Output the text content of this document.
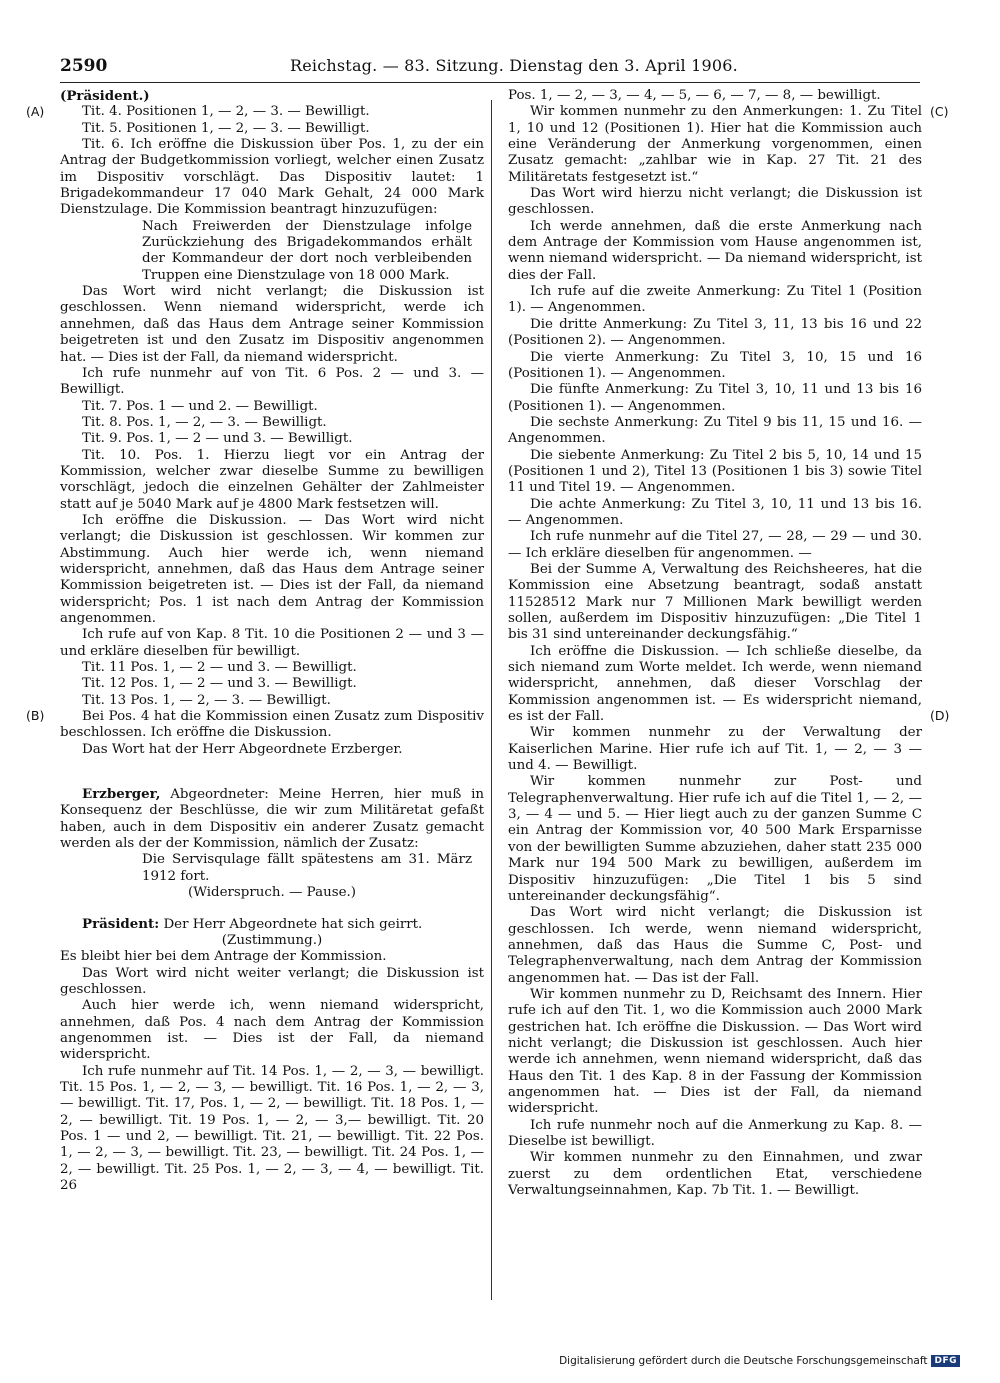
2590	Reichstag. — 83. Sitzung. Dienstag den 3. April 1906.
(A)
(B)
(C)
(D)

(Präsident.)

Tit. 4. Positionen 1, — 2, — 3. — Bewilligt.

Tit. 5. Positionen 1, — 2, — 3. — Bewilligt.

Tit. 6. Ich eröffne die Diskussion über Pos. 1, zu der ein Antrag der Budgetkommission vorliegt, welcher einen Zusatz im Dispositiv vorschlägt. Das Dispositiv lautet: 1 Brigadekommandeur 17 040 Mark Gehalt, 24 000 Mark Dienstzulage. Die Kommission beantragt hinzuzufügen:

Nach Freiwerden der Dienstzulage infolge Zurückziehung des Brigadekommandos erhält der Kommandeur der dort noch verbleibenden Truppen eine Dienstzulage von 18 000 Mark.

Das Wort wird nicht verlangt; die Diskussion ist geschlossen. Wenn niemand widerspricht, werde ich annehmen, daß das Haus dem Antrage seiner Kommission beigetreten ist und den Zusatz im Dispositiv angenommen hat. — Dies ist der Fall, da niemand widerspricht.

Ich rufe nunmehr auf von Tit. 6 Pos. 2 — und 3. — Bewilligt.

Tit. 7. Pos. 1 — und 2. — Bewilligt.

Tit. 8. Pos. 1, — 2, — 3. — Bewilligt.

Tit. 9. Pos. 1, — 2 — und 3. — Bewilligt.

Tit. 10. Pos. 1. Hierzu liegt vor ein Antrag der Kommission, welcher zwar dieselbe Summe zu bewilligen vorschlägt, jedoch die einzelnen Gehälter der Zahlmeister statt auf je 5040 Mark auf je 4800 Mark festsetzen will.

Ich eröffne die Diskussion. — Das Wort wird nicht verlangt; die Diskussion ist geschlossen. Wir kommen zur Abstimmung. Auch hier werde ich, wenn niemand widerspricht, annehmen, daß das Haus dem Antrage seiner Kommission beigetreten ist. — Dies ist der Fall, da niemand widerspricht; Pos. 1 ist nach dem Antrag der Kommission angenommen.

Ich rufe auf von Kap. 8 Tit. 10 die Positionen 2 — und 3 — und erkläre dieselben für bewilligt.

Tit. 11 Pos. 1, — 2 — und 3. — Bewilligt.

Tit. 12 Pos. 1, — 2 — und 3. — Bewilligt.

Tit. 13 Pos. 1, — 2, — 3. — Bewilligt.

Bei Pos. 4 hat die Kommission einen Zusatz zum Dispositiv beschlossen. Ich eröffne die Diskussion.

Das Wort hat der Herr Abgeordnete Erzberger.

Erzberger, Abgeordneter: Meine Herren, hier muß in Konsequenz der Beschlüsse, die wir zum Militäretat gefaßt haben, auch in dem Dispositiv ein anderer Zusatz gemacht werden als der der Kommission, nämlich der Zusatz:

Die Servisqulage fällt spätestens am 31. März 1912 fort.

(Widerspruch. — Pause.)

Präsident: Der Herr Abgeordnete hat sich geirrt.

(Zustimmung.)

Es bleibt hier bei dem Antrage der Kommission.

Das Wort wird nicht weiter verlangt; die Diskussion ist geschlossen.

Auch hier werde ich, wenn niemand widerspricht, annehmen, daß Pos. 4 nach dem Antrag der Kommission angenommen ist. — Dies ist der Fall, da niemand widerspricht.

Ich rufe nunmehr auf Tit. 14 Pos. 1, — 2, — 3, — bewilligt. Tit. 15 Pos. 1, — 2, — 3, — bewilligt. Tit. 16 Pos. 1, — 2, — 3, — bewilligt. Tit. 17, Pos. 1, — 2, — bewilligt. Tit. 18 Pos. 1, — 2, — bewilligt. Tit. 19 Pos. 1, — 2, — 3,— bewilligt. Tit. 20 Pos. 1 — und 2, — bewilligt. Tit. 21, — bewilligt. Tit. 22 Pos. 1, — 2, — 3, — bewilligt. Tit. 23, — bewilligt. Tit. 24 Pos. 1, — 2, — bewilligt. Tit. 25 Pos. 1, — 2, — 3, — 4, — bewilligt. Tit. 26

Pos. 1, — 2, — 3, — 4, — 5, — 6, — 7, — 8, — bewilligt.

Wir kommen nunmehr zu den Anmerkungen: 1. Zu Titel 1, 10 und 12 (Positionen 1). Hier hat die Kommission auch eine Veränderung der Anmerkung vorgenommen, einen Zusatz gemacht: „zahlbar wie in Kap. 27 Tit. 21 des Militäretats festgesetzt ist.“

Das Wort wird hierzu nicht verlangt; die Diskussion ist geschlossen.

Ich werde annehmen, daß die erste Anmerkung nach dem Antrage der Kommission vom Hause angenommen ist, wenn niemand widerspricht. — Da niemand widerspricht, ist dies der Fall.

Ich rufe auf die zweite Anmerkung: Zu Titel 1 (Position 1). — Angenommen.

Die dritte Anmerkung: Zu Titel 3, 11, 13 bis 16 und 22 (Positionen 2). — Angenommen.

Die vierte Anmerkung: Zu Titel 3, 10, 15 und 16 (Positionen 1). — Angenommen.

Die fünfte Anmerkung: Zu Titel 3, 10, 11 und 13 bis 16 (Positionen 1). — Angenommen.

Die sechste Anmerkung: Zu Titel 9 bis 11, 15 und 16. — Angenommen.

Die siebente Anmerkung: Zu Titel 2 bis 5, 10, 14 und 15 (Positionen 1 und 2), Titel 13 (Positionen 1 bis 3) sowie Titel 11 und Titel 19. — Angenommen.

Die achte Anmerkung: Zu Titel 3, 10, 11 und 13 bis 16. — Angenommen.

Ich rufe nunmehr auf die Titel 27, — 28, — 29 — und 30. — Ich erkläre dieselben für angenommen. —

Bei der Summe A, Verwaltung des Reichsheeres, hat die Kommission eine Absetzung beantragt, sodaß anstatt 11528512 Mark nur 7 Millionen Mark bewilligt werden sollen, außerdem im Dispositiv hinzuzufügen: „Die Titel 1 bis 31 sind untereinander deckungsfähig.“

Ich eröffne die Diskussion. — Ich schließe dieselbe, da sich niemand zum Worte meldet. Ich werde, wenn niemand widerspricht, annehmen, daß dieser Vorschlag der Kommission angenommen ist. — Es widerspricht niemand, es ist der Fall.

Wir kommen nunmehr zu der Verwaltung der Kaiserlichen Marine. Hier rufe ich auf Tit. 1, — 2, — 3 — und 4. — Bewilligt.

Wir kommen nunmehr zur Post- und Telegraphenverwaltung. Hier rufe ich auf die Titel 1, — 2, — 3, — 4 — und 5. — Hier liegt auch zu der ganzen Summe C ein Antrag der Kommission vor, 40 500 Mark Ersparnisse von der bewilligten Summe abzuziehen, daher statt 235 000 Mark nur 194 500 Mark zu bewilligen, außerdem im Dispositiv hinzuzufügen: „Die Titel 1 bis 5 sind untereinander deckungsfähig“.

Das Wort wird nicht verlangt; die Diskussion ist geschlossen. Ich werde, wenn niemand widerspricht, annehmen, daß das Haus die Summe C, Post- und Telegraphenverwaltung, nach dem Antrag der Kommission angenommen hat. — Das ist der Fall.

Wir kommen nunmehr zu D, Reichsamt des Innern. Hier rufe ich auf den Tit. 1, wo die Kommission auch 2000 Mark gestrichen hat. Ich eröffne die Diskussion. — Das Wort wird nicht verlangt; die Diskussion ist geschlossen. Auch hier werde ich annehmen, wenn niemand widerspricht, daß das Haus den Tit. 1 des Kap. 8 in der Fassung der Kommission angenommen hat. — Dies ist der Fall, da niemand widerspricht.

Ich rufe nunmehr noch auf die Anmerkung zu Kap. 8. — Dieselbe ist bewilligt.

Wir kommen nunmehr zu den Einnahmen, und zwar zuerst zu dem ordentlichen Etat, verschiedene Verwaltungseinnahmen, Kap. 7b Tit. 1. — Bewilligt.

Digitalisierung gefördert durch die Deutsche Forschungsgemeinschaft DFG
